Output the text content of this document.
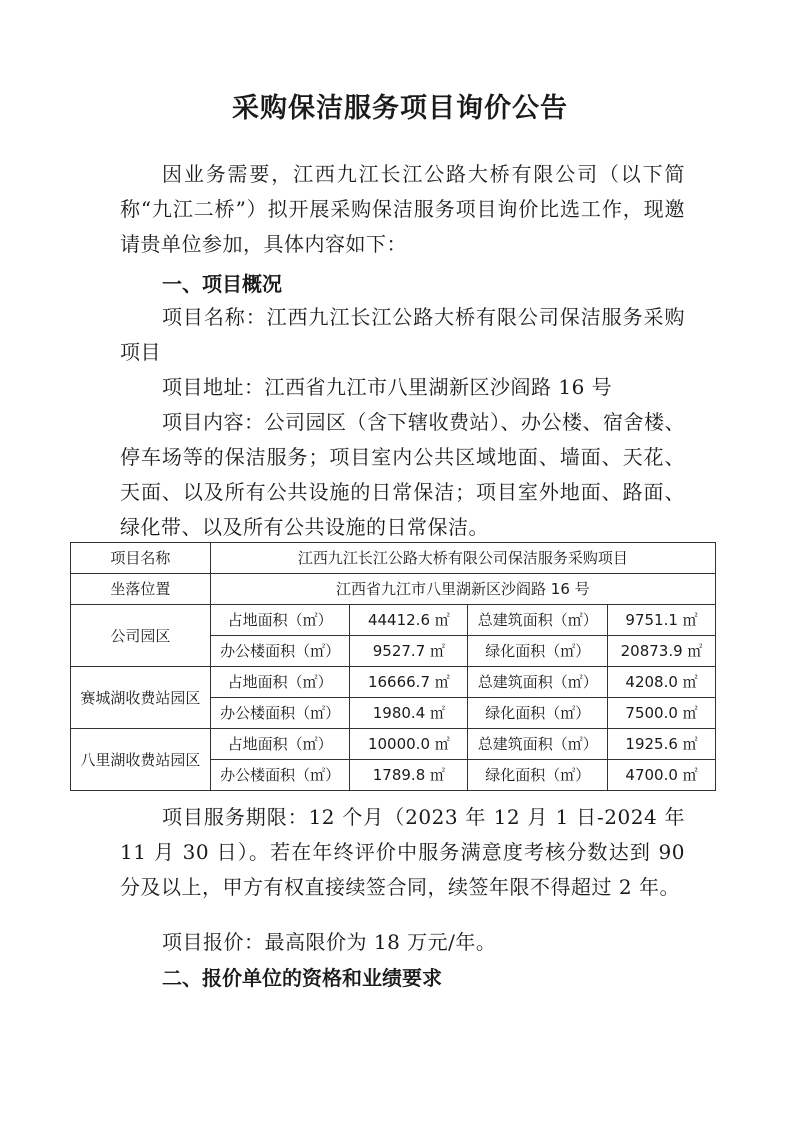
采购保洁服务项目询价公告
因业务需要，江西九江长江公路大桥有限公司（以下简称“九江二桥”）拟开展采购保洁服务项目询价比选工作，现邀请贵单位参加，具体内容如下：
一、项目概况
项目名称：江西九江长江公路大桥有限公司保洁服务采购项目
项目地址：江西省九江市八里湖新区沙阎路 16 号
项目内容：公司园区（含下辖收费站）、办公楼、宿舍楼、停车场等的保洁服务；项目室内公共区域地面、墙面、天花、天面、以及所有公共设施的日常保洁；项目室外地面、路面、绿化带、以及所有公共设施的日常保洁。
项目名称	江西九江长江公路大桥有限公司保洁服务采购项目			
坐落位置	江西省九江市八里湖新区沙阎路 16 号			
公司园区	占地面积（㎡）	44412.6 ㎡	总建筑面积（㎡）	9751.1 ㎡
	办公楼面积（㎡）	9527.7 ㎡	绿化面积（㎡）	20873.9 ㎡
赛城湖收费站园区	占地面积（㎡）	16666.7 ㎡	总建筑面积（㎡）	4208.0 ㎡
	办公楼面积（㎡）	1980.4 ㎡	绿化面积（㎡）	7500.0 ㎡
八里湖收费站园区	占地面积（㎡）	10000.0 ㎡	总建筑面积（㎡）	1925.6 ㎡
	办公楼面积（㎡）	1789.8 ㎡	绿化面积（㎡）	4700.0 ㎡
项目服务期限：12 个月（2023 年 12 月 1 日-2024 年 11 月 30 日）。若在年终评价中服务满意度考核分数达到 90 分及以上，甲方有权直接续签合同，续签年限不得超过 2 年。
项目报价：最高限价为 18 万元/年。
二、报价单位的资格和业绩要求
